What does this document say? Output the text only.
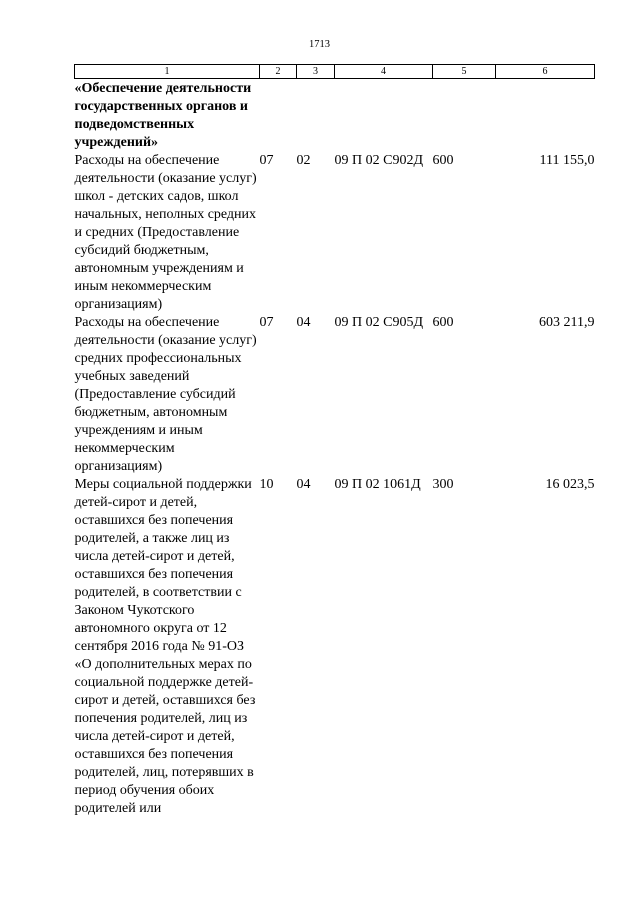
1713
1	2	3	4	5	6
«Обеспечение деятельности государственных органов и подведомственных учреждений»					
Расходы на обеспечение деятельности (оказание услуг) школ - детских садов, школ начальных, неполных средних и средних (Предоставление субсидий бюджетным, автономным учреждениям и иным некоммерческим организациям)	07	02	09 П 02 С902Д	600	111 155,0
Расходы на обеспечение деятельности (оказание услуг) средних профессиональных учебных заведений (Предоставление субсидий бюджетным, автономным учреждениям и иным некоммерческим организациям)	07	04	09 П 02 С905Д	600	603 211,9
Меры социальной поддержки детей-сирот и детей, оставшихся без попечения родителей, а также лиц из числа детей-сирот и детей, оставшихся без попечения родителей, в соответствии с Законом Чукотского автономного округа от 12 сентября 2016 года № 91-ОЗ «О дополнительных мерах по социальной поддержке детей-сирот и детей, оставшихся без попечения родителей, лиц из числа детей-сирот и детей, оставшихся без попечения родителей, лиц, потерявших в период обучения обоих родителей или	10	04	09 П 02 1061Д	300	16 023,5
